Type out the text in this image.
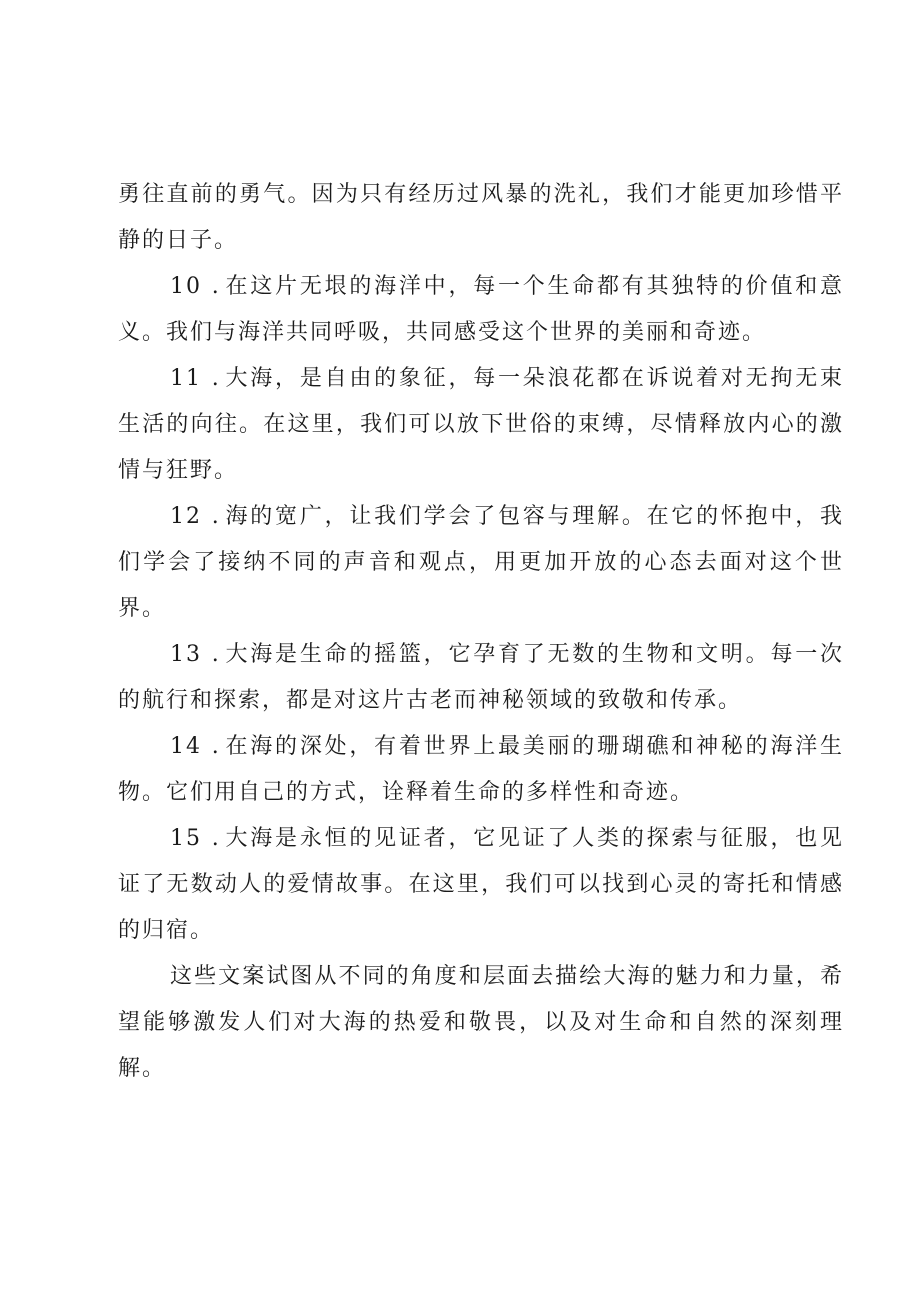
勇往直前的勇气。因为只有经历过风暴的洗礼，我们才能更加珍惜平静的日子。

10 . 在这片无垠的海洋中，每一个生命都有其独特的价值和意义。我们与海洋共同呼吸，共同感受这个世界的美丽和奇迹。

11 . 大海，是自由的象征，每一朵浪花都在诉说着对无拘无束生活的向往。在这里，我们可以放下世俗的束缚，尽情释放内心的激情与狂野。

12 . 海的宽广，让我们学会了包容与理解。在它的怀抱中，我们学会了接纳不同的声音和观点，用更加开放的心态去面对这个世界。

13 . 大海是生命的摇篮，它孕育了无数的生物和文明。每一次的航行和探索，都是对这片古老而神秘领域的致敬和传承。

14 . 在海的深处，有着世界上最美丽的珊瑚礁和神秘的海洋生物。它们用自己的方式，诠释着生命的多样性和奇迹。

15 . 大海是永恒的见证者，它见证了人类的探索与征服，也见证了无数动人的爱情故事。在这里，我们可以找到心灵的寄托和情感的归宿。

这些文案试图从不同的角度和层面去描绘大海的魅力和力量，希望能够激发人们对大海的热爱和敬畏，以及对生命和自然的深刻理解。
